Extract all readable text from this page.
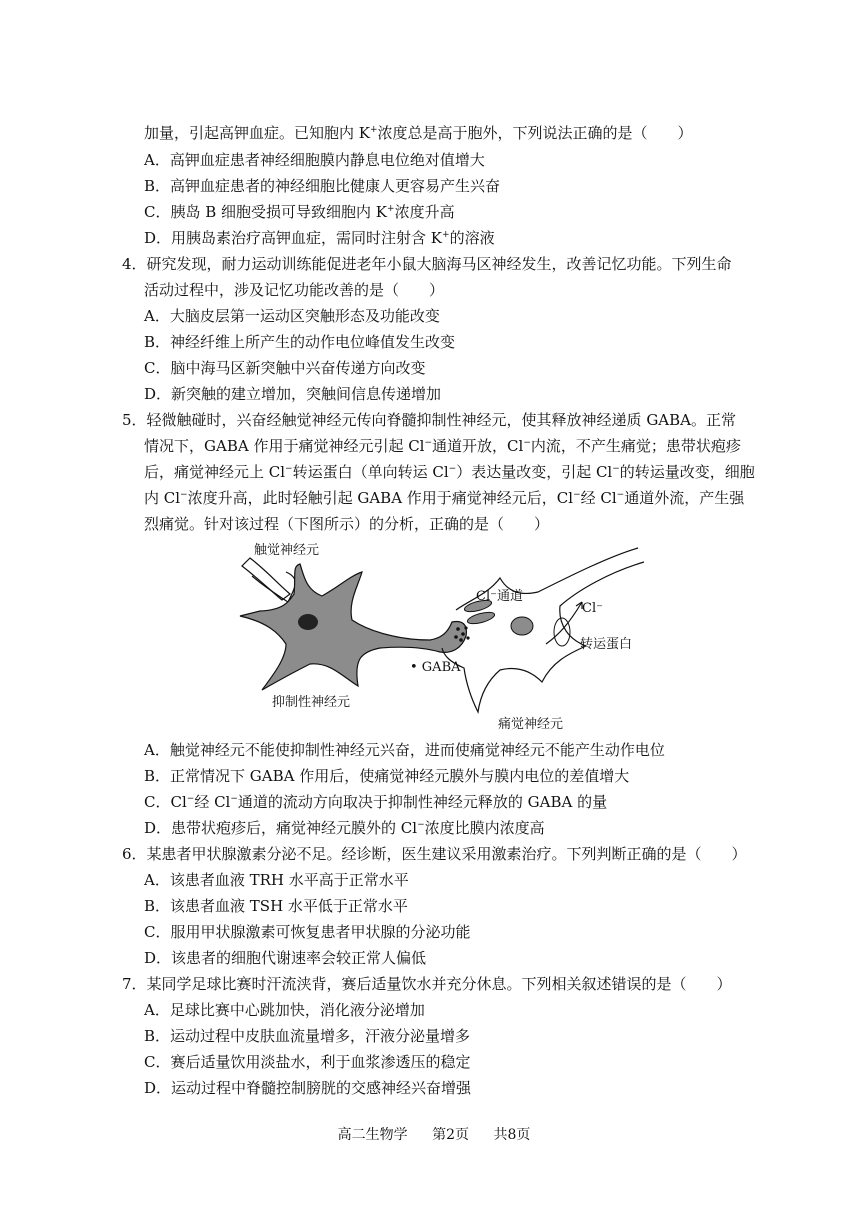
加量，引起高钾血症。已知胞内 K+浓度总是高于胞外，下列说法正确的是（　　）
A．高钾血症患者神经细胞膜内静息电位绝对值增大
B．高钾血症患者的神经细胞比健康人更容易产生兴奋
C．胰岛 B 细胞受损可导致细胞内 K+浓度升高
D．用胰岛素治疗高钾血症，需同时注射含 K+的溶液
4．研究发现，耐力运动训练能促进老年小鼠大脑海马区神经发生，改善记忆功能。下列生命
活动过程中，涉及记忆功能改善的是（　　）
A．大脑皮层第一运动区突触形态及功能改变
B．神经纤维上所产生的动作电位峰值发生改变
C．脑中海马区新突触中兴奋传递方向改变
D．新突触的建立增加，突触间信息传递增加
5．轻微触碰时，兴奋经触觉神经元传向脊髓抑制性神经元，使其释放神经递质 GABA。正常
情况下，GABA 作用于痛觉神经元引起 Cl−通道开放，Cl−内流，不产生痛觉；患带状疱疹
后，痛觉神经元上 Cl−转运蛋白（单向转运 Cl−）表达量改变，引起 Cl−的转运量改变，细胞
内 Cl−浓度升高，此时轻触引起 GABA 作用于痛觉神经元后，Cl−经 Cl−通道外流，产生强
烈痛觉。针对该过程（下图所示）的分析，正确的是（　　）
触觉神经元
Cl⁻通道
Cl⁻
转运蛋白
• GABA
抑制性神经元
痛觉神经元
A．触觉神经元不能使抑制性神经元兴奋，进而使痛觉神经元不能产生动作电位
B．正常情况下 GABA 作用后，使痛觉神经元膜外与膜内电位的差值增大
C．Cl−经 Cl−通道的流动方向取决于抑制性神经元释放的 GABA 的量
D．患带状疱疹后，痛觉神经元膜外的 Cl−浓度比膜内浓度高
6．某患者甲状腺激素分泌不足。经诊断，医生建议采用激素治疗。下列判断正确的是（　　）
A．该患者血液 TRH 水平高于正常水平
B．该患者血液 TSH 水平低于正常水平
C．服用甲状腺激素可恢复患者甲状腺的分泌功能
D．该患者的细胞代谢速率会较正常人偏低
7．某同学足球比赛时汗流浃背，赛后适量饮水并充分休息。下列相关叙述错误的是（　　）
A．足球比赛中心跳加快，消化液分泌增加
B．运动过程中皮肤血流量增多，汗液分泌量增多
C．赛后适量饮用淡盐水，利于血浆渗透压的稳定
D．运动过程中脊髓控制膀胱的交感神经兴奋增强
高二生物学 第2页 共8页
